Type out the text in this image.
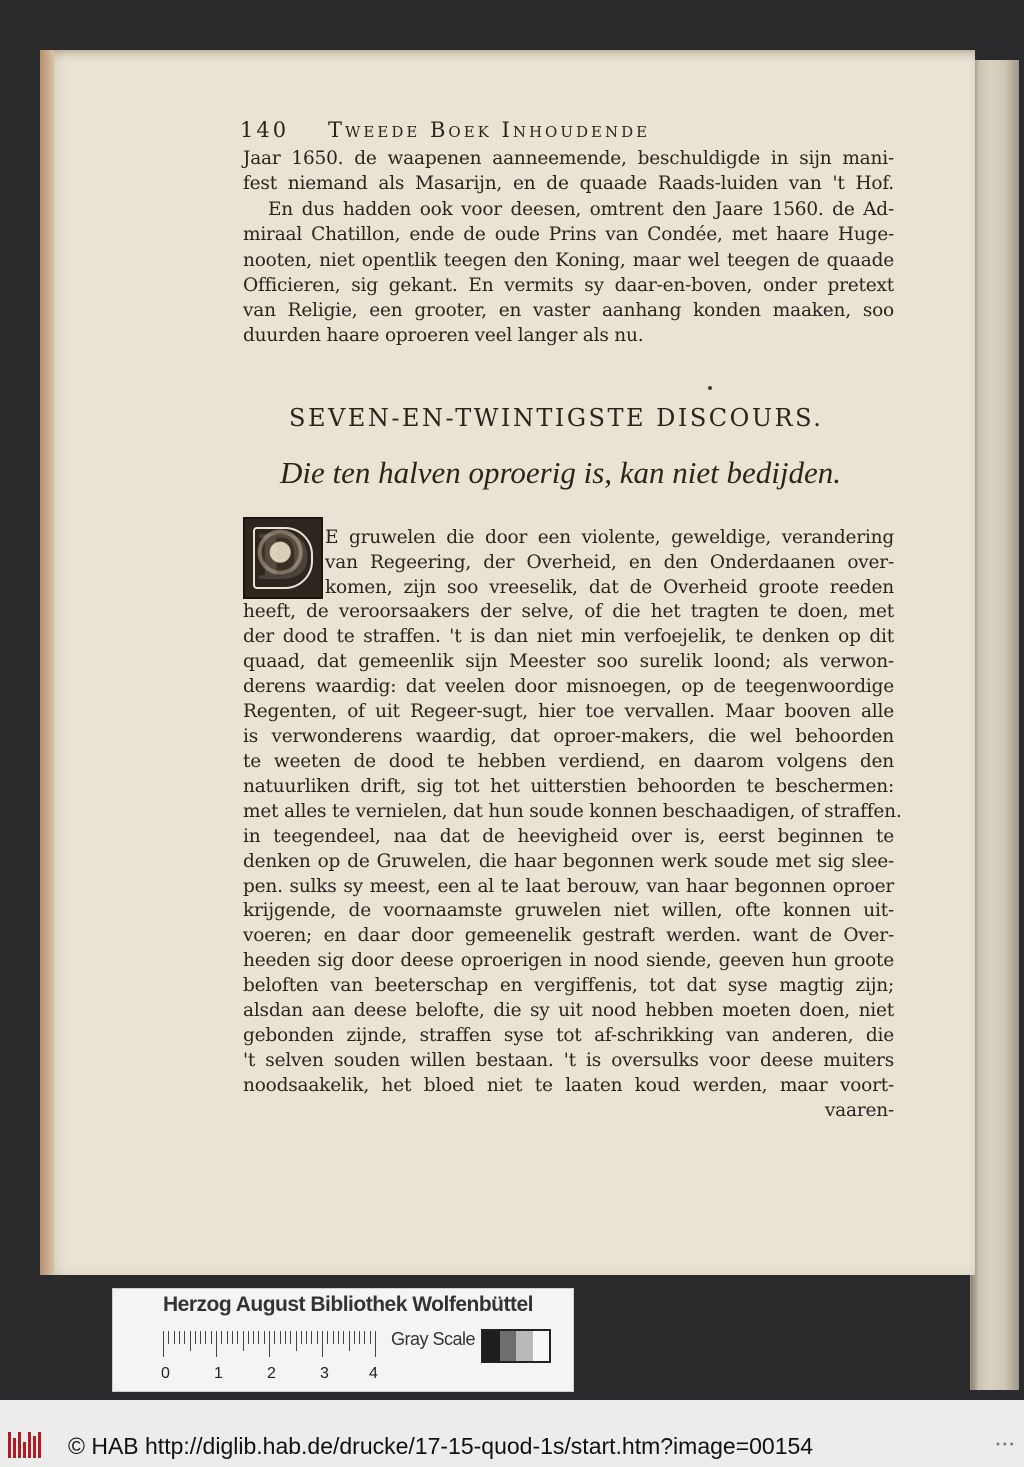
140 Tweede Boek Inhoudende
Jaar 1650. de waapenen aanneemende, beschuldigde in sijn mani-
fest niemand als Masarijn, en de quaade Raads-luiden van 't Hof.
En dus hadden ook voor deesen, omtrent den Jaare 1560. de Ad-
miraal Chatillon, ende de oude Prins van Condée, met haare Huge-
nooten, niet opentlik teegen den Koning, maar wel teegen de quaade
Officieren, sig gekant. En vermits sy daar-en-boven, onder pretext
van Religie, een grooter, en vaster aanhang konden maaken, soo
duurden haare oproeren veel langer als nu.
SEVEN-EN-TWINTIGSTE DISCOURS.
Die ten halven oproerig is, kan niet bedijden.
D E gruwelen die door een violente, geweldige, verandering
van Regeering, der Overheid, en den Onderdaanen over-
komen, zijn soo vreeselik, dat de Overheid groote reeden
heeft, de veroorsaakers der selve, of die het tragten te doen, met
der dood te straffen. 't is dan niet min verfoejelik, te denken op dit
quaad, dat gemeenlik sijn Meester soo surelik loond; als verwon-
derens waardig: dat veelen door misnoegen, op de teegenwoordige
Regenten, of uit Regeer-sugt, hier toe vervallen. Maar booven alle
is verwonderens waardig, dat oproer-makers, die wel behoorden
te weeten de dood te hebben verdiend, en daarom volgens den
natuurliken drift, sig tot het uitterstien behoorden te beschermen:
met alles te vernielen, dat hun soude konnen beschaadigen, of straffen.
in teegendeel, naa dat de heevigheid over is, eerst beginnen te
denken op de Gruwelen, die haar begonnen werk soude met sig slee-
pen. sulks sy meest, een al te laat berouw, van haar begonnen oproer
krijgende, de voornaamste gruwelen niet willen, ofte konnen uit-
voeren; en daar door gemeenelik gestraft werden. want de Over-
heeden sig door deese oproerigen in nood siende, geeven hun groote
beloften van beeterschap en vergiffenis, tot dat syse magtig zijn;
alsdan aan deese belofte, die sy uit nood hebben moeten doen, niet
gebonden zijnde, straffen syse tot af-schrikking van anderen, die
't selven souden willen bestaan. 't is oversulks voor deese muiters
noodsaakelik, het bloed niet te laaten koud werden, maar voort-
vaaren-
Herzog August Bibliothek Wolfenbüttel
0	1	2	3	4
Gray Scale
© HAB http://diglib.hab.de/drucke/17-15-quod-1s/start.htm?image=00154	•••
